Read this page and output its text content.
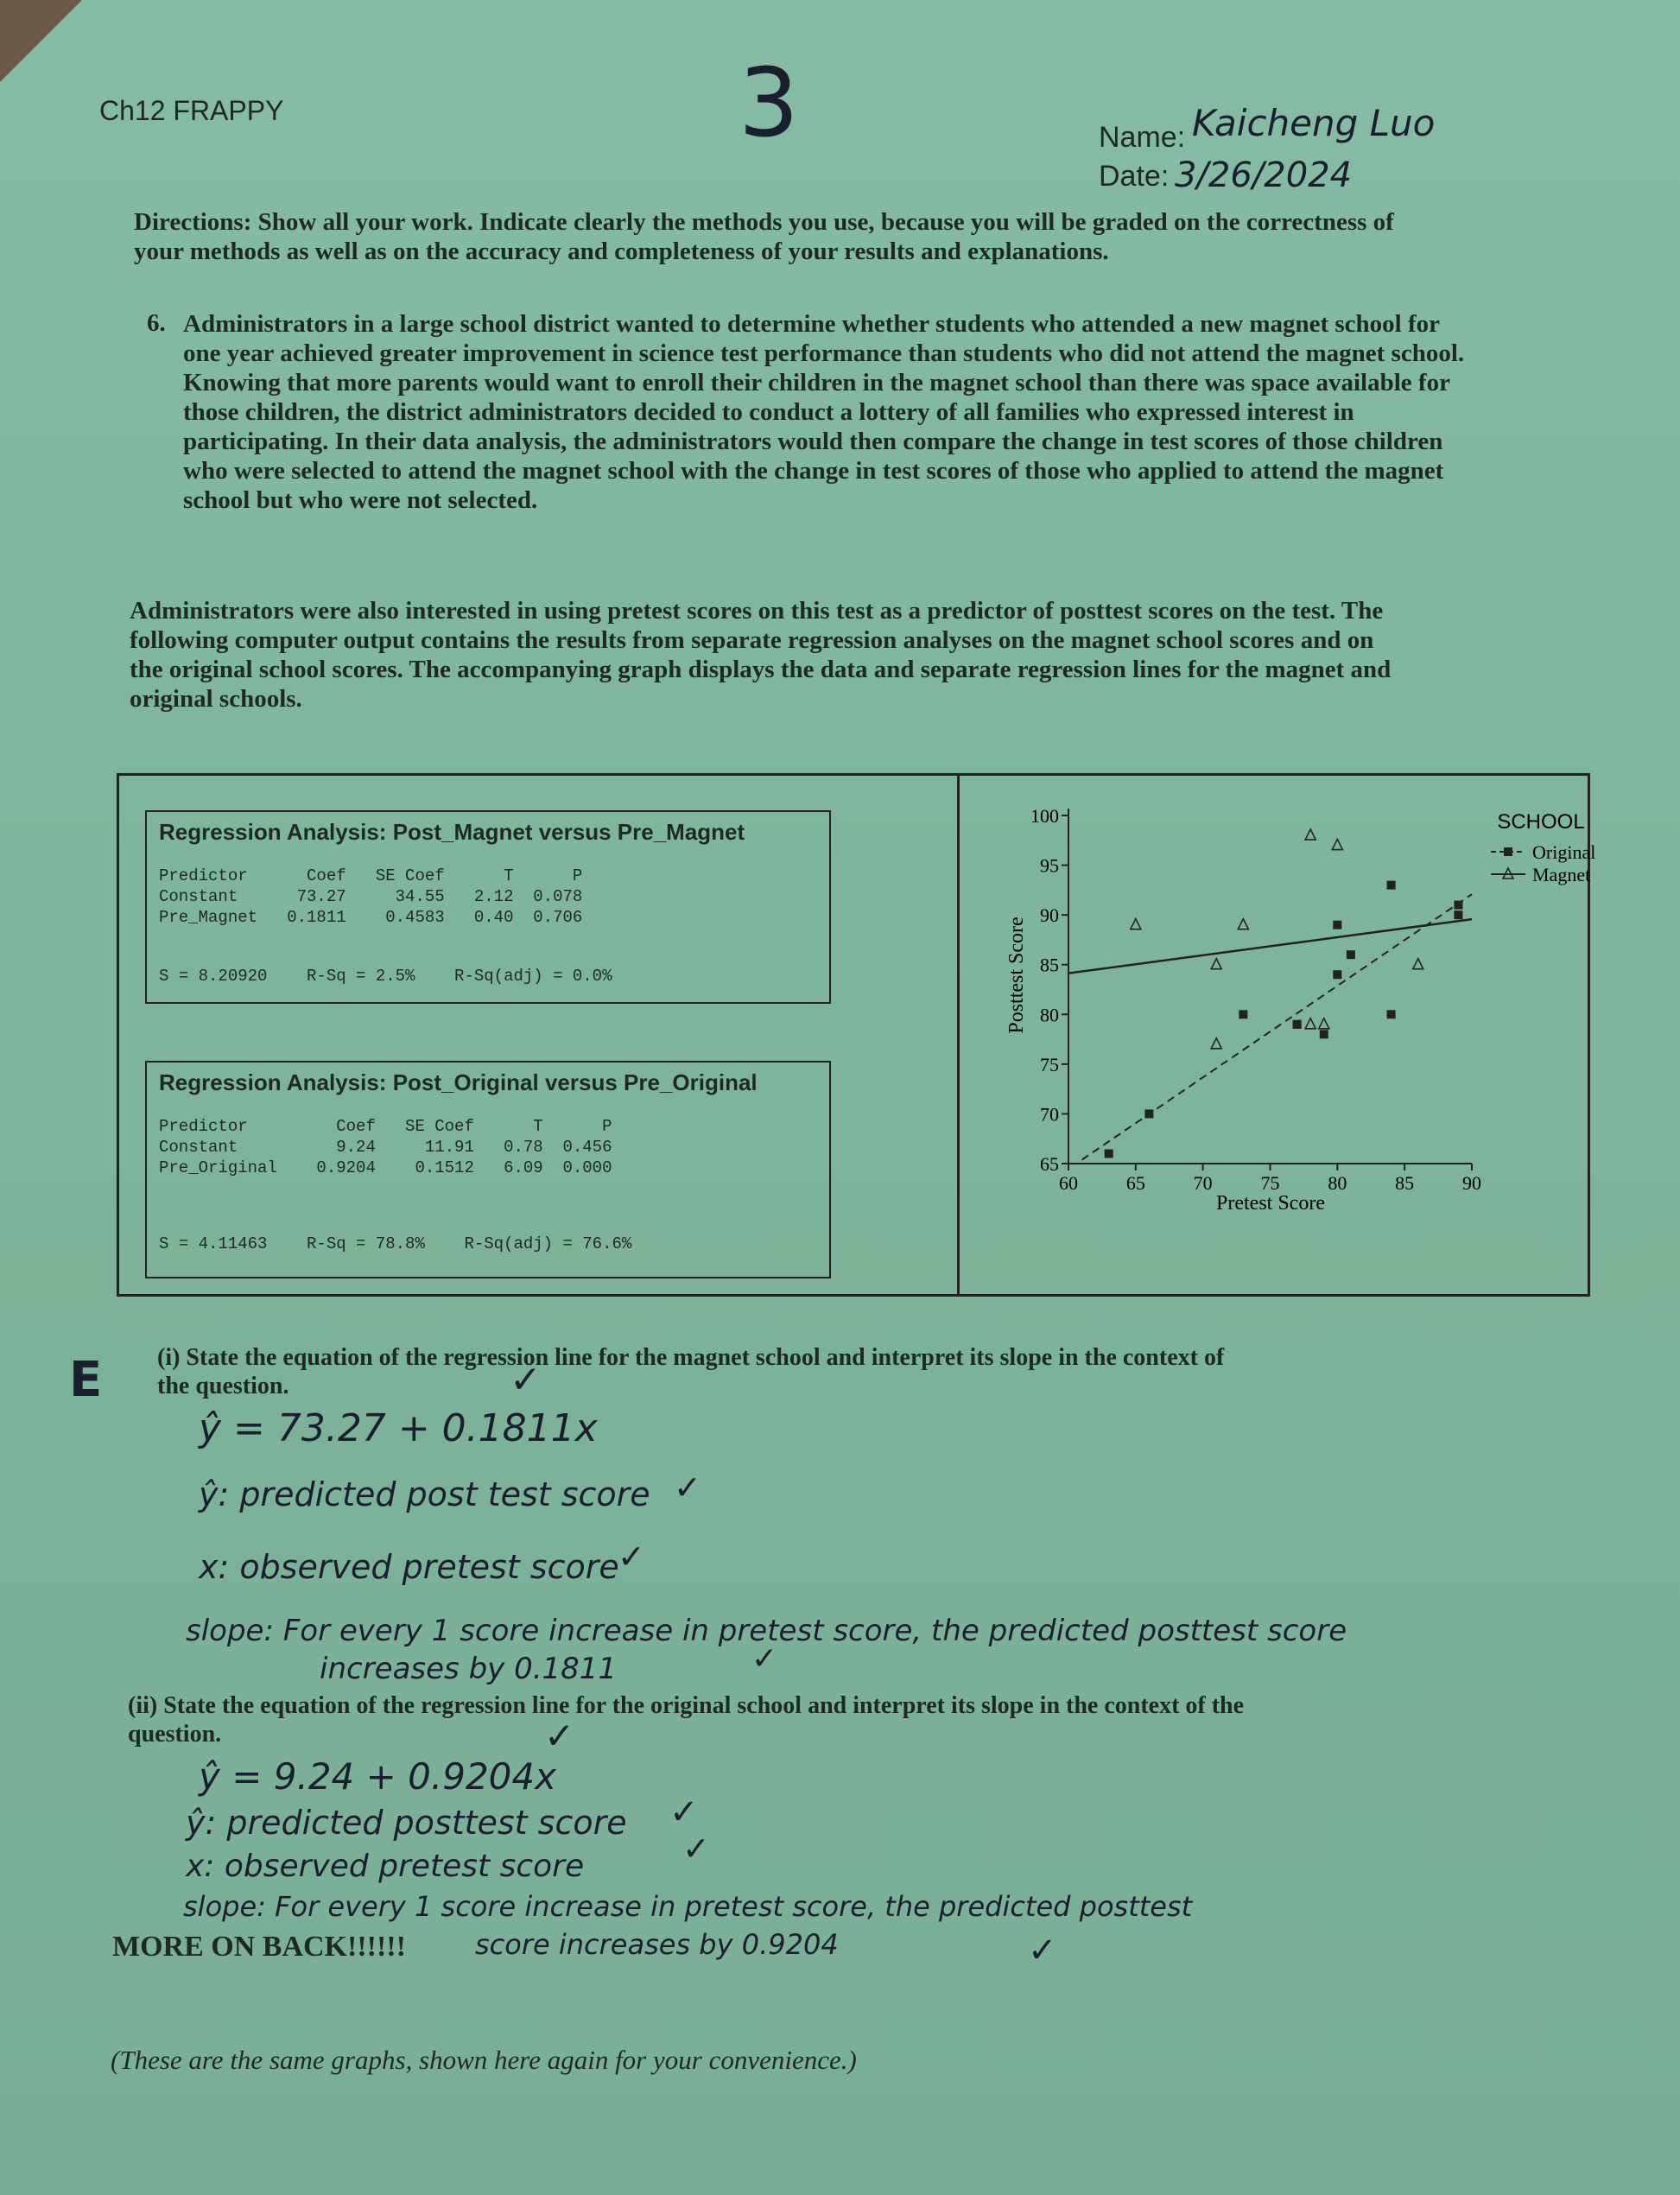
Ch12 FRAPPY	3	Name: Kaicheng Luo
Date: 3/26/2024
Directions: Show all your work. Indicate clearly the methods you use, because you will be graded on the correctness of your methods as well as on the accuracy and completeness of your results and explanations.
6. Administrators in a large school district wanted to determine whether students who attended a new magnet school for one year achieved greater improvement in science test performance than students who did not attend the magnet school. Knowing that more parents would want to enroll their children in the magnet school than there was space available for those children, the district administrators decided to conduct a lottery of all families who expressed interest in participating. In their data analysis, the administrators would then compare the change in test scores of those children who were selected to attend the magnet school with the change in test scores of those who applied to attend the magnet school but who were not selected.
Administrators were also interested in using pretest scores on this test as a predictor of posttest scores on the test. The following computer output contains the results from separate regression analyses on the magnet school scores and on the original school scores. The accompanying graph displays the data and separate regression lines for the magnet and original schools.
Regression Analysis: Post_Magnet versus Pre_Magnet
Predictor      Coef   SE Coef      T      P
Constant      73.27     34.55   2.12  0.078
Pre_Magnet   0.1811    0.4583   0.40  0.706
S = 8.20920    R-Sq = 2.5%    R-Sq(adj) = 0.0%
Regression Analysis: Post_Original versus Pre_Original
Predictor         Coef   SE Coef      T      P
Constant          9.24     11.91   0.78  0.456
Pre_Original    0.9204    0.1512   6.09  0.000
S = 4.11463    R-Sq = 78.8%    R-Sq(adj) = 76.6%
60	65	70	75	80	85	90
65
70
75
80
85
90
95
100
Pretest Score
Posttest Score
SCHOOL
Original
Magnet
E (i) State the equation of the regression line for the magnet school and interpret its slope in the context of the question.	✓
ŷ = 73.27 + 0.1811x
ŷ: predicted post test score ✓
x: observed pretest score
✓
slope: For every 1 score increase in pretest score, the predicted posttest score
increases by 0.1811	✓
(ii) State the equation of the regression line for the original school and interpret its slope in the context of the question.	✓
ŷ = 9.24 + 0.9204x
ŷ: predicted posttest score ✓
x: observed pretest score	✓
slope: For every 1 score increase in pretest score, the predicted posttest
score increases by 0.9204	✓
MORE ON BACK!!!!!!
(These are the same graphs, shown here again for your convenience.)
